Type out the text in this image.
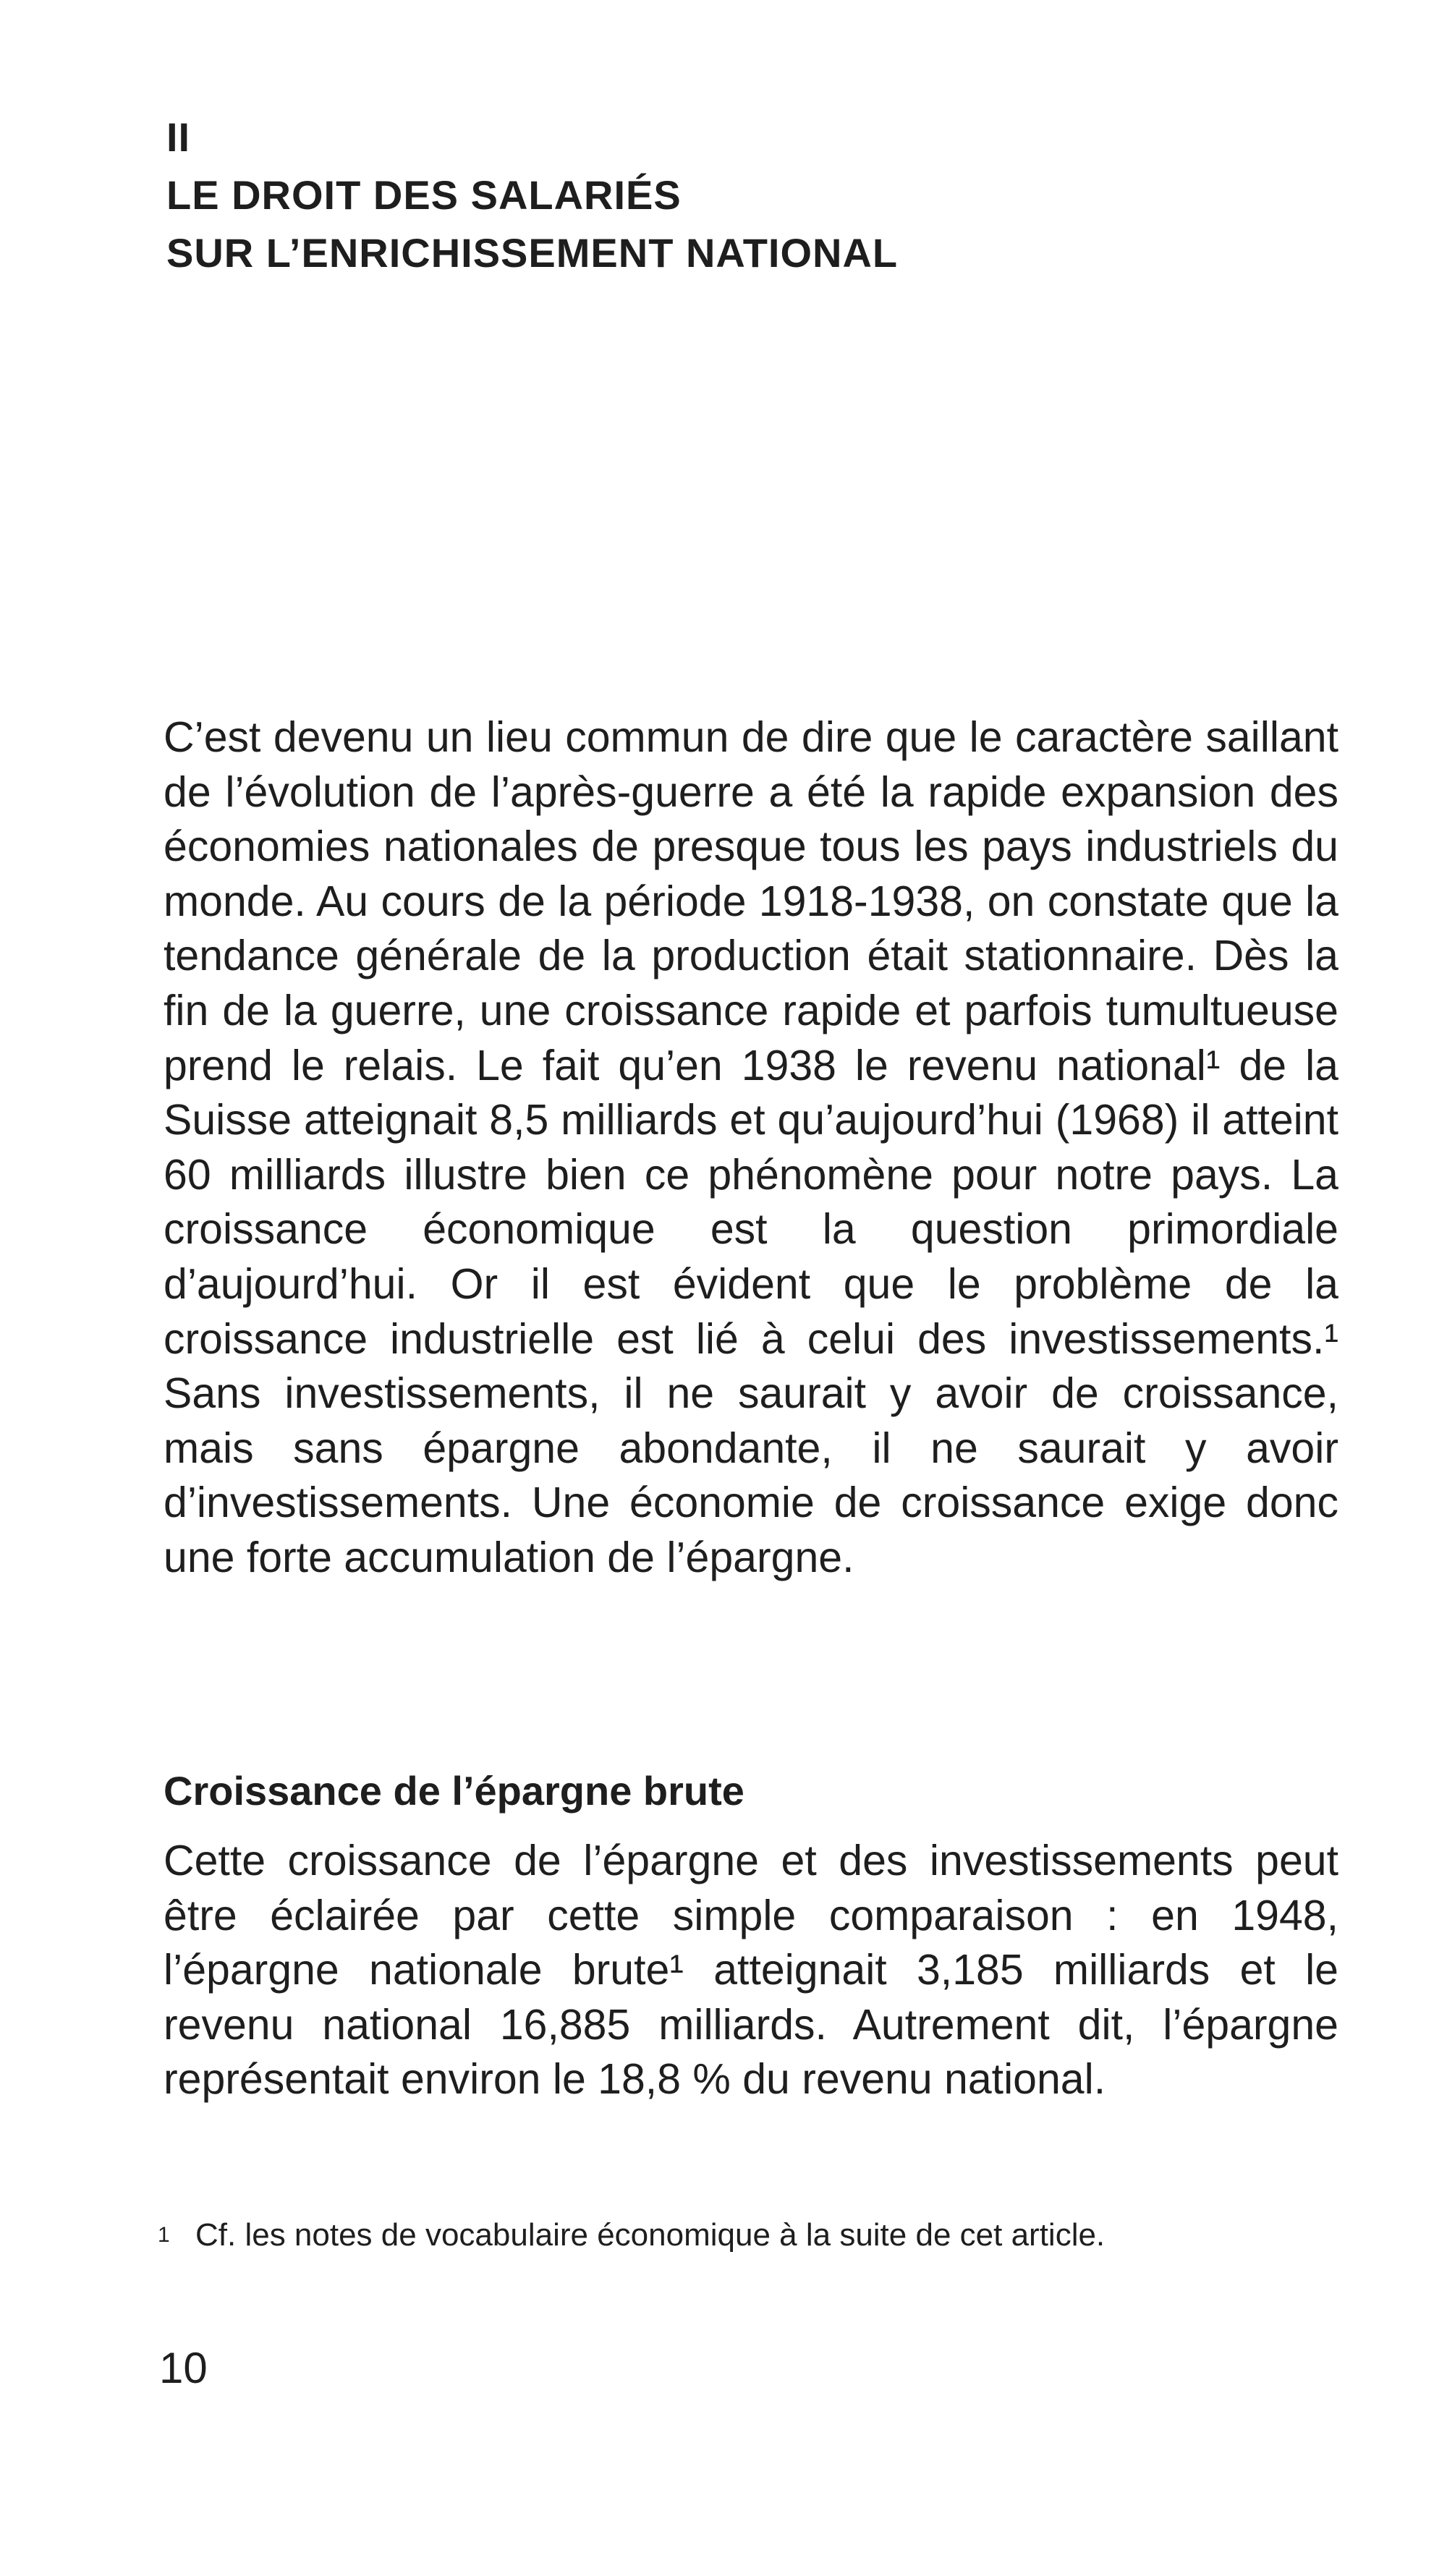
II
LE DROIT DES SALARIÉS
SUR L’ENRICHISSEMENT NATIONAL

C’est devenu un lieu commun de dire que le caractère saillant de l’évolution de l’après-guerre a été la rapide expansion des économies nationales de presque tous les pays industriels du monde. Au cours de la période 1918-1938, on constate que la tendance générale de la production était stationnaire. Dès la fin de la guerre, une croissance rapide et parfois tumultueuse prend le relais. Le fait qu’en 1938 le revenu national¹ de la Suisse atteignait 8,5 milliards et qu’aujourd’hui (1968) il atteint 60 milliards illustre bien ce phénomène pour notre pays. La croissance économique est la question primordiale d’aujourd’hui. Or il est évident que le problème de la croissance industrielle est lié à celui des investissements.¹ Sans investissements, il ne saurait y avoir de croissance, mais sans épargne abondante, il ne saurait y avoir d’investissements. Une économie de croissance exige donc une forte accumulation de l’épargne.

Croissance de l’épargne brute

Cette croissance de l’épargne et des investissements peut être éclairée par cette simple comparaison : en 1948, l’épargne nationale brute¹ atteignait 3,185 milliards et le revenu national 16,885 milliards. Autrement dit, l’épargne représentait environ le 18,8 % du revenu national.

1 Cf. les notes de vocabulaire économique à la suite de cet article.
10
